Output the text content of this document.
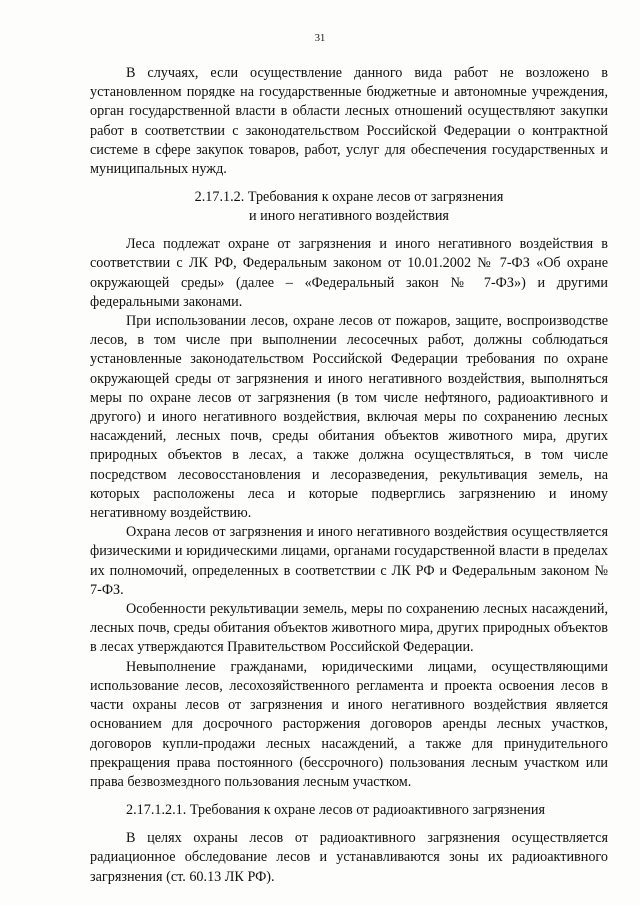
31

В случаях, если осуществление данного вида работ не возложено в установленном порядке на государственные бюджетные и автономные учреждения, орган государственной власти в области лесных отношений осуществляют закупки работ в соответствии с законодательством Российской Федерации о контрактной системе в сфере закупок товаров, работ, услуг для обеспечения государственных и муниципальных нужд.

2.17.1.2. Требования к охране лесов от загрязнения
и иного негативного воздействия

Леса подлежат охране от загрязнения и иного негативного воздействия в соответствии с ЛК РФ, Федеральным законом от 10.01.2002 № 7-ФЗ «Об охране окружающей среды» (далее – «Федеральный закон № 7-ФЗ») и другими федеральными законами.

При использовании лесов, охране лесов от пожаров, защите, воспроизводстве лесов, в том числе при выполнении лесосечных работ, должны соблюдаться установленные законодательством Российской Федерации требования по охране окружающей среды от загрязнения и иного негативного воздействия, выполняться меры по охране лесов от загрязнения (в том числе нефтяного, радиоактивного и другого) и иного негативного воздействия, включая меры по сохранению лесных насаждений, лесных почв, среды обитания объектов животного мира, других природных объектов в лесах, а также должна осуществляться, в том числе посредством лесовосстановления и лесоразведения, рекультивация земель, на которых расположены леса и которые подверглись загрязнению и иному негативному воздействию.

Охрана лесов от загрязнения и иного негативного воздействия осуществляется физическими и юридическими лицами, органами государственной власти в пределах их полномочий, определенных в соответствии с ЛК РФ и Федеральным законом № 7-ФЗ.

Особенности рекультивации земель, меры по сохранению лесных насаждений, лесных почв, среды обитания объектов животного мира, других природных объектов в лесах утверждаются Правительством Российской Федерации.

Невыполнение гражданами, юридическими лицами, осуществляющими использование лесов, лесохозяйственного регламента и проекта освоения лесов в части охраны лесов от загрязнения и иного негативного воздействия является основанием для досрочного расторжения договоров аренды лесных участков, договоров купли-продажи лесных насаждений, а также для принудительного прекращения права постоянного (бессрочного) пользования лесным участком или права безвозмездного пользования лесным участком.

2.17.1.2.1. Требования к охране лесов от радиоактивного загрязнения

В целях охраны лесов от радиоактивного загрязнения осуществляется радиационное обследование лесов и устанавливаются зоны их радиоактивного загрязнения (ст. 60.13 ЛК РФ).
